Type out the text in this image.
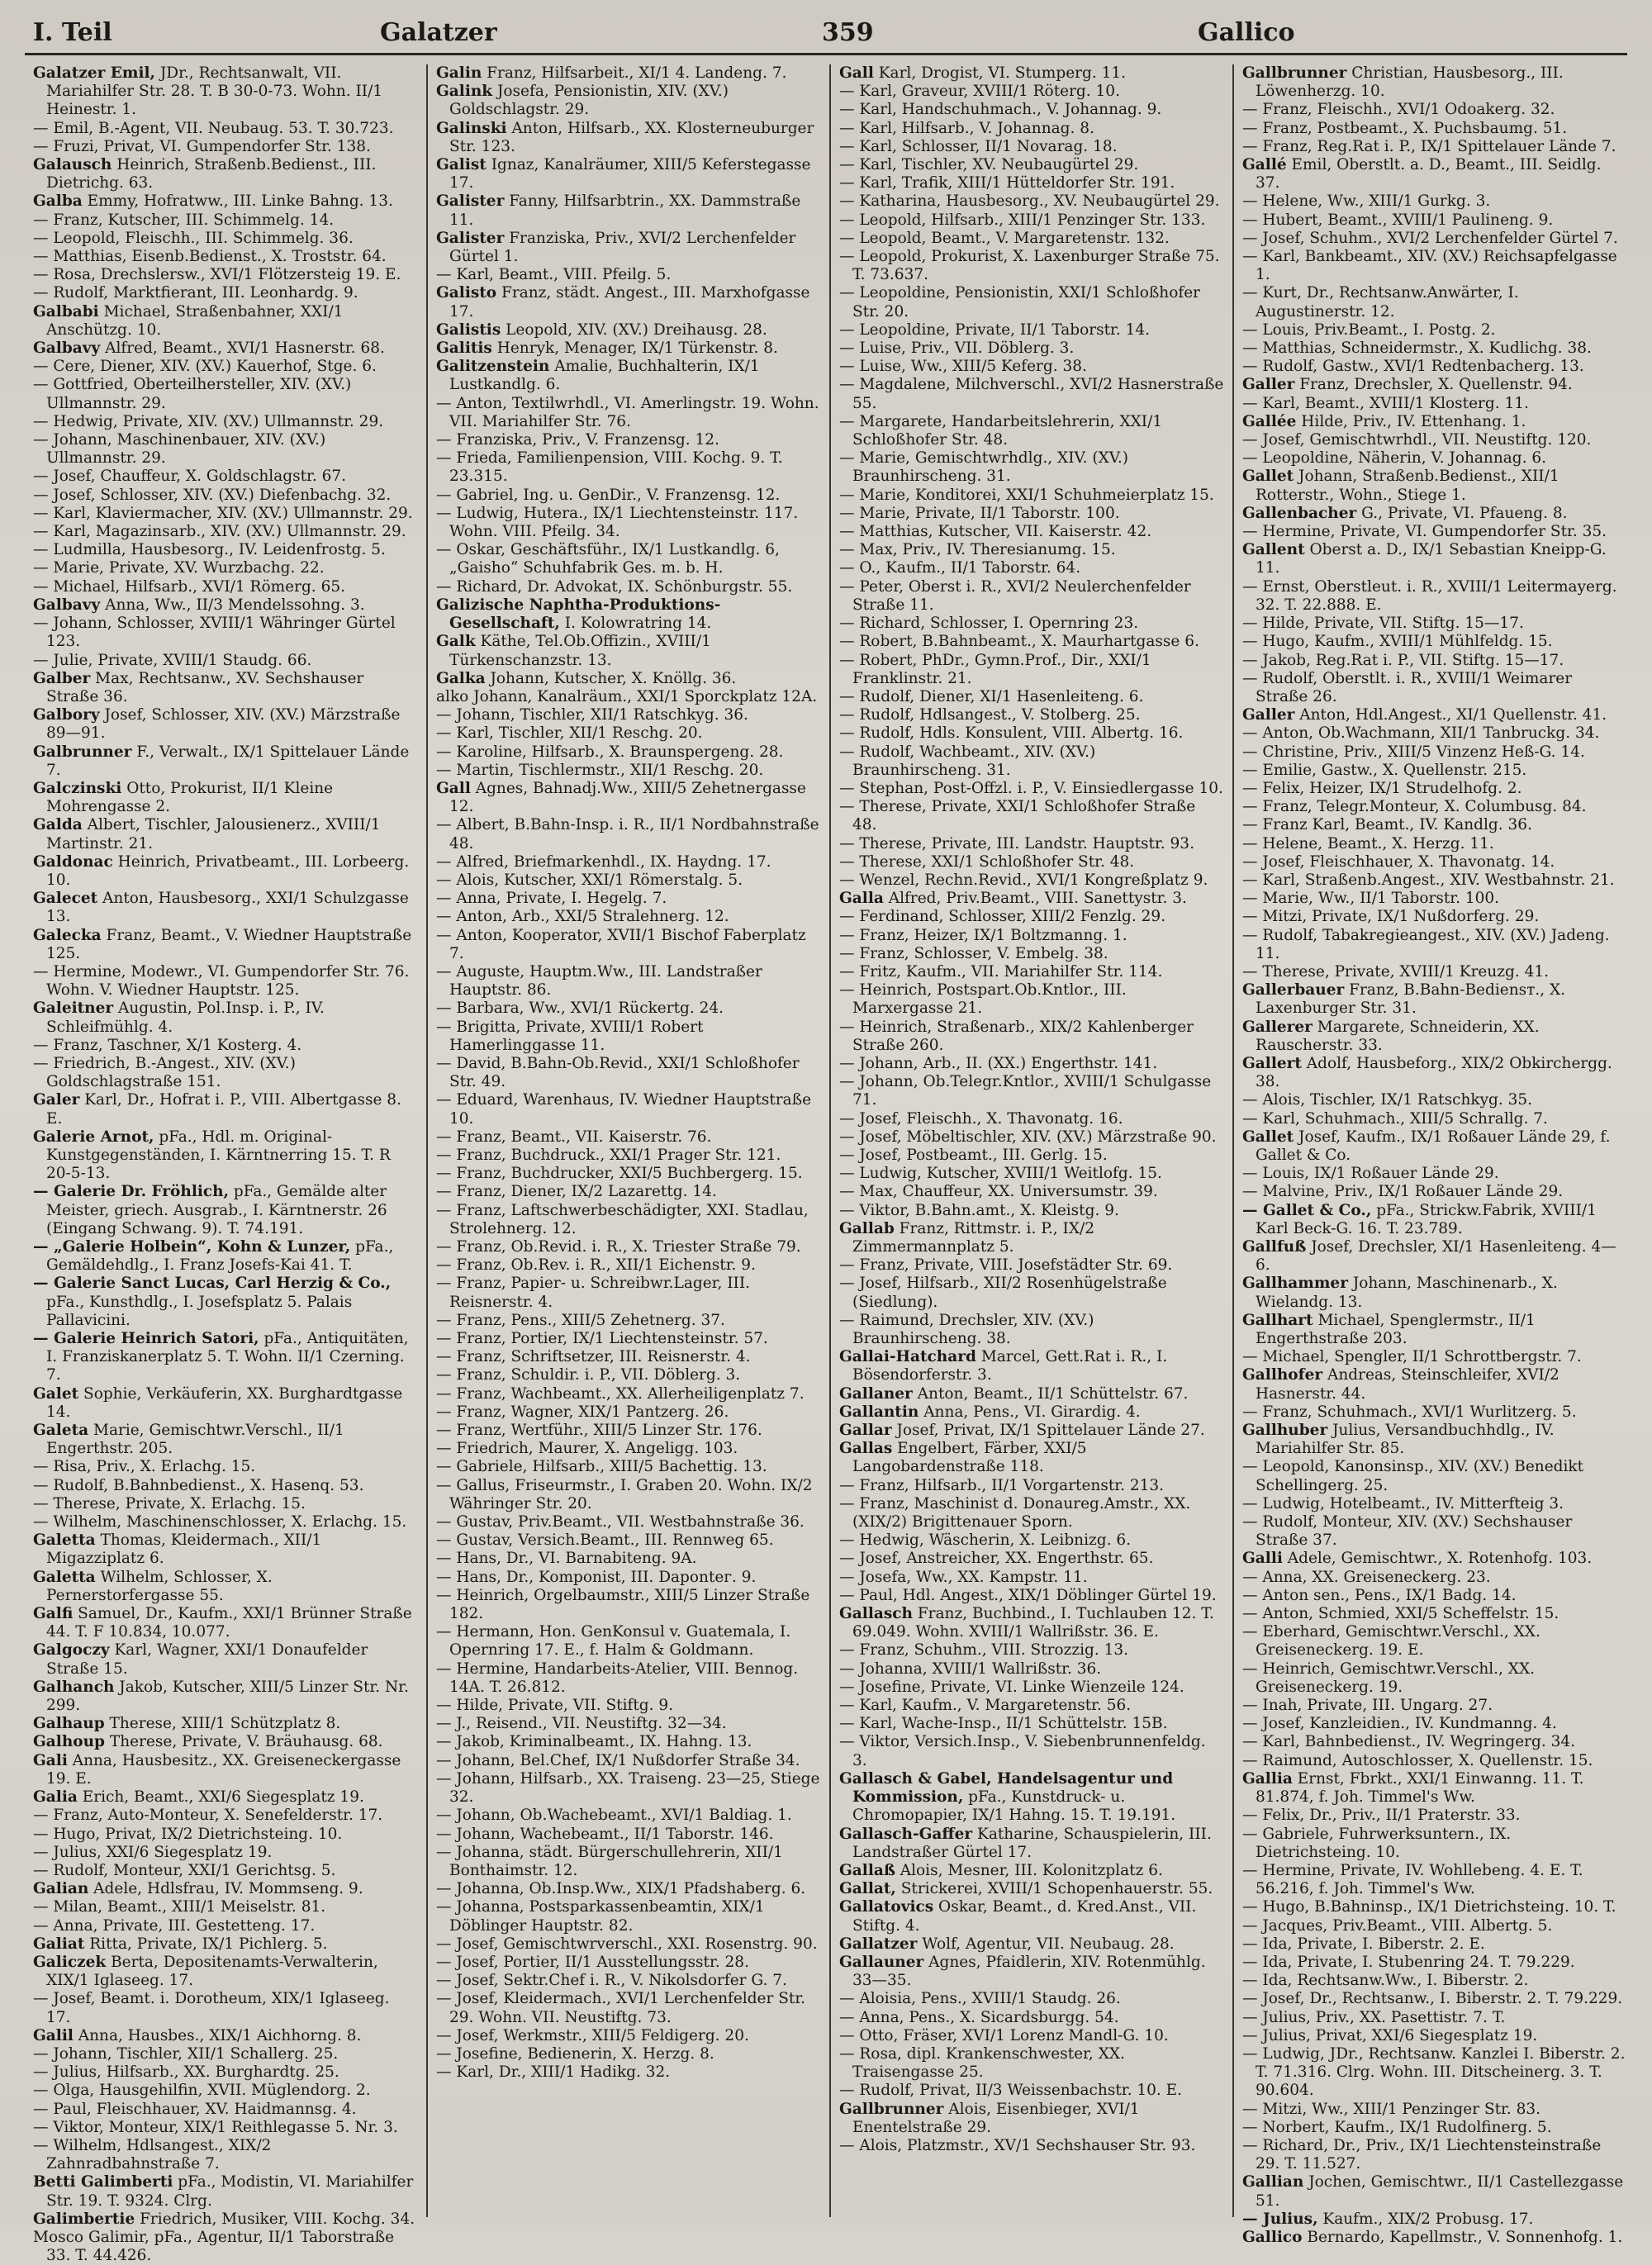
I. Teil	Galatzer	359	Gallico

Galatzer Emil, JDr., Rechtsanwalt, VII. Mariahilfer Str. 28. T. B 30-0-73. Wohn. II/1 Heinestr. 1.

— Emil, B.-Agent, VII. Neubaug. 53. T. 30.723.

— Fruzi, Privat, VI. Gumpendorfer Str. 138.

Galausch Heinrich, Straßenb.Bedienst., III. Dietrichg. 63.

Galba Emmy, Hofratww., III. Linke Bahng. 13.

— Franz, Kutscher, III. Schimmelg. 14.

— Leopold, Fleischh., III. Schimmelg. 36.

— Matthias, Eisenb.Bedienst., X. Troststr. 64.

— Rosa, Drechslersw., XVI/1 Flötzersteig 19. E.

— Rudolf, Marktfierant, III. Leonhardg. 9.

Galbabi Michael, Straßenbahner, XXI/1 Anschützg. 10.

Galbavy Alfred, Beamt., XVI/1 Hasnerstr. 68.

— Cere, Diener, XIV. (XV.) Kauerhof, Stge. 6.

— Gottfried, Oberteilhersteller, XIV. (XV.) Ullmannstr. 29.

— Hedwig, Private, XIV. (XV.) Ullmannstr. 29.

— Johann, Maschinenbauer, XIV. (XV.) Ullmannstr. 29.

— Josef, Chauffeur, X. Goldschlagstr. 67.

— Josef, Schlosser, XIV. (XV.) Diefenbachg. 32.

— Karl, Klaviermacher, XIV. (XV.) Ullmannstr. 29.

— Karl, Magazinsarb., XIV. (XV.) Ullmannstr. 29.

— Ludmilla, Hausbesorg., IV. Leidenfrostg. 5.

— Marie, Private, XV. Wurzbachg. 22.

— Michael, Hilfsarb., XVI/1 Römerg. 65.

Galbavy Anna, Ww., II/3 Mendelssohng. 3.

— Johann, Schlosser, XVIII/1 Währinger Gürtel 123.

— Julie, Private, XVIII/1 Staudg. 66.

Galber Max, Rechtsanw., XV. Sechshauser Straße 36.

Galbory Josef, Schlosser, XIV. (XV.) Märzstraße 89—91.

Galbrunner F., Verwalt., IX/1 Spittelauer Lände 7.

Galczinski Otto, Prokurist, II/1 Kleine Mohrengasse 2.

Galda Albert, Tischler, Jalousienerz., XVIII/1 Martinstr. 21.

Galdonac Heinrich, Privatbeamt., III. Lorbeerg. 10.

Galecet Anton, Hausbesorg., XXI/1 Schulzgasse 13.

Galecka Franz, Beamt., V. Wiedner Hauptstraße 125.

— Hermine, Modewr., VI. Gumpendorfer Str. 76. Wohn. V. Wiedner Hauptstr. 125.

Galeitner Augustin, Pol.Insp. i. P., IV. Schleifmühlg. 4.

— Franz, Taschner, X/1 Kosterg. 4.

— Friedrich, B.-Angest., XIV. (XV.) Goldschlagstraße 151.

Galer Karl, Dr., Hofrat i. P., VIII. Albertgasse 8. E.

Galerie Arnot, pFa., Hdl. m. Original-Kunstgegenständen, I. Kärntnerring 15. T. R 20-5-13.

— Galerie Dr. Fröhlich, pFa., Gemälde alter Meister, griech. Ausgrab., I. Kärntnerstr. 26 (Eingang Schwang. 9). T. 74.191.

— „Galerie Holbein“, Kohn & Lunzer, pFa., Gemäldehdlg., I. Franz Josefs-Kai 41. T.

— Galerie Sanct Lucas, Carl Herzig & Co., pFa., Kunsthdlg., I. Josefsplatz 5. Palais Pallavicini.

— Galerie Heinrich Satori, pFa., Antiquitäten, I. Franziskanerplatz 5. T. Wohn. II/1 Czerning. 7.

Galet Sophie, Verkäuferin, XX. Burghardtgasse 14.

Galeta Marie, Gemischtwr.Verschl., II/1 Engerthstr. 205.

— Risa, Priv., X. Erlachg. 15.

— Rudolf, B.Bahnbedienst., X. Hasenq. 53.

— Therese, Private, X. Erlachg. 15.

— Wilhelm, Maschinenschlosser, X. Erlachg. 15.

Galetta Thomas, Kleidermach., XII/1 Migazziplatz 6.

Galetta Wilhelm, Schlosser, X. Pernerstorfergasse 55.

Galfi Samuel, Dr., Kaufm., XXI/1 Brünner Straße 44. T. F 10.834, 10.077.

Galgoczy Karl, Wagner, XXI/1 Donaufelder Straße 15.

Galhanch Jakob, Kutscher, XIII/5 Linzer Str. Nr. 299.

Galhaup Therese, XIII/1 Schützplatz 8.

Galhoup Therese, Private, V. Bräuhausg. 68.

Gali Anna, Hausbesitz., XX. Greiseneckergasse 19. E.

Galia Erich, Beamt., XXI/6 Siegesplatz 19.

— Franz, Auto-Monteur, X. Senefelderstr. 17.

— Hugo, Privat, IX/2 Dietrichsteing. 10.

— Julius, XXI/6 Siegesplatz 19.

— Rudolf, Monteur, XXI/1 Gerichtsg. 5.

Galian Adele, Hdlsfrau, IV. Mommseng. 9.

— Milan, Beamt., XIII/1 Meiselstr. 81.

— Anna, Private, III. Gestetteng. 17.

Galiat Ritta, Private, IX/1 Pichlerg. 5.

Galiczek Berta, Depositenamts-Verwalterin, XIX/1 Iglaseeg. 17.

— Josef, Beamt. i. Dorotheum, XIX/1 Iglaseeg. 17.

Galil Anna, Hausbes., XIX/1 Aichhorng. 8.

— Johann, Tischler, XII/1 Schallerg. 25.

— Julius, Hilfsarb., XX. Burghardtg. 25.

— Olga, Hausgehilfin, XVII. Müglendorg. 2.

— Paul, Fleischhauer, XV. Haidmannsg. 4.

— Viktor, Monteur, XIX/1 Reithlegasse 5. Nr. 3.

— Wilhelm, Hdlsangest., XIX/2 Zahnradbahnstraße 7.

Betti Galimberti pFa., Modistin, VI. Mariahilfer Str. 19. T. 9324. Clrg.

Galimbertie Friedrich, Musiker, VIII. Kochg. 34.

Mosco Galimir, pFa., Agentur, II/1 Taborstraße 33. T. 44.426.

Galin Franz, Hilfsarbeit., XI/1 4. Landeng. 7.

Galink Josefa, Pensionistin, XIV. (XV.) Goldschlagstr. 29.

Galinski Anton, Hilfsarb., XX. Klosterneuburger Str. 123.

Galist Ignaz, Kanalräumer, XIII/5 Keferstegasse 17.

Galister Fanny, Hilfsarbtrin., XX. Dammstraße 11.

Galister Franziska, Priv., XVI/2 Lerchenfelder Gürtel 1.

— Karl, Beamt., VIII. Pfeilg. 5.

Galisto Franz, städt. Angest., III. Marxhofgasse 17.

Galistis Leopold, XIV. (XV.) Dreihausg. 28.

Galitis Henryk, Menager, IX/1 Türkenstr. 8.

Galitzenstein Amalie, Buchhalterin, IX/1 Lustkandlg. 6.

— Anton, Textilwrhdl., VI. Amerlingstr. 19. Wohn. VII. Mariahilfer Str. 76.

— Franziska, Priv., V. Franzensg. 12.

— Frieda, Familienpension, VIII. Kochg. 9. T. 23.315.

— Gabriel, Ing. u. GenDir., V. Franzensg. 12.

— Ludwig, Hutera., IX/1 Liechtensteinstr. 117. Wohn. VIII. Pfeilg. 34.

— Oskar, Geschäftsführ., IX/1 Lustkandlg. 6, „Gaisho“ Schuhfabrik Ges. m. b. H.

— Richard, Dr. Advokat, IX. Schönburgstr. 55.

Galizische Naphtha-Produktions-Gesellschaft, I. Kolowratring 14.

Galk Käthe, Tel.Ob.Offizin., XVIII/1 Türkenschanzstr. 13.

Galka Johann, Kutscher, X. Knöllg. 36.

alko Johann, Kanalräum., XXI/1 Sporckplatz 12A.

— Johann, Tischler, XII/1 Ratschkyg. 36.

— Karl, Tischler, XII/1 Reschg. 20.

— Karoline, Hilfsarb., X. Braunspergeng. 28.

— Martin, Tischlermstr., XII/1 Reschg. 20.

Gall Agnes, Bahnadj.Ww., XIII/5 Zehetnergasse 12.

— Albert, B.Bahn-Insp. i. R., II/1 Nordbahnstraße 48.

— Alfred, Briefmarkenhdl., IX. Haydng. 17.

— Alois, Kutscher, XXI/1 Römerstalg. 5.

— Anna, Private, I. Hegelg. 7.

— Anton, Arb., XXI/5 Stralehnerg. 12.

— Anton, Kooperator, XVII/1 Bischof Faberplatz 7.

— Auguste, Hauptm.Ww., III. Landstraßer Hauptstr. 86.

— Barbara, Ww., XVI/1 Rückertg. 24.

— Brigitta, Private, XVIII/1 Robert Hamerlinggasse 11.

— David, B.Bahn-Ob.Revid., XXI/1 Schloßhofer Str. 49.

— Eduard, Warenhaus, IV. Wiedner Hauptstraße 10.

— Franz, Beamt., VII. Kaiserstr. 76.

— Franz, Buchdruck., XXI/1 Prager Str. 121.

— Franz, Buchdrucker, XXI/5 Buchbergerg. 15.

— Franz, Diener, IX/2 Lazarettg. 14.

— Franz, Laftschwerbeschädigter, XXI. Stadlau, Strolehnerg. 12.

— Franz, Ob.Revid. i. R., X. Triester Straße 79.

— Franz, Ob.Rev. i. R., XII/1 Eichenstr. 9.

— Franz, Papier- u. Schreibwr.Lager, III. Reisnerstr. 4.

— Franz, Pens., XIII/5 Zehetnerg. 37.

— Franz, Portier, IX/1 Liechtensteinstr. 57.

— Franz, Schriftsetzer, III. Reisnerstr. 4.

— Franz, Schuldir. i. P., VII. Döblerg. 3.

— Franz, Wachbeamt., XX. Allerheiligenplatz 7.

— Franz, Wagner, XIX/1 Pantzerg. 26.

— Franz, Wertführ., XIII/5 Linzer Str. 176.

— Friedrich, Maurer, X. Angeligg. 103.

— Gabriele, Hilfsarb., XIII/5 Bachettig. 13.

— Gallus, Friseurmstr., I. Graben 20. Wohn. IX/2 Währinger Str. 20.

— Gustav, Priv.Beamt., VII. Westbahnstraße 36.

— Gustav, Versich.Beamt., III. Rennweg 65.

— Hans, Dr., VI. Barnabiteng. 9A.

— Hans, Dr., Komponist, III. Dapontег. 9.

— Heinrich, Orgelbaumstr., XIII/5 Linzer Straße 182.

— Hermann, Hon. GenKonsul v. Guatemala, I. Opernring 17. E., f. Halm & Goldmann.

— Hermine, Handarbeits-Atelier, VIII. Bennog. 14A. T. 26.812.

— Hilde, Private, VII. Stiftg. 9.

— J., Reisend., VII. Neustiftg. 32—34.

— Jakob, Kriminalbeamt., IX. Hahng. 13.

— Johann, Bel.Chef, IX/1 Nußdorfer Straße 34.

— Johann, Hilfsarb., XX. Traiseng. 23—25, Stiege 32.

— Johann, Ob.Wachebeamt., XVI/1 Baldiag. 1.

— Johann, Wachebeamt., II/1 Taborstr. 146.

— Johanna, städt. Bürgerschullehrerin, XII/1 Bonthaimstr. 12.

— Johanna, Ob.Insp.Ww., XIX/1 Pfadshaberg. 6.

— Johanna, Postsparkassenbeamtin, XIX/1 Döblinger Hauptstr. 82.

— Josef, Gemischtwrverschl., XXI. Rosenstrg. 90.

— Josef, Portier, II/1 Ausstellungsstr. 28.

— Josef, Sektr.Chef i. R., V. Nikolsdorfer G. 7.

— Josef, Kleidermach., XVI/1 Lerchenfelder Str. 29. Wohn. VII. Neustiftg. 73.

— Josef, Werkmstr., XIII/5 Feldigerg. 20.

— Josefine, Bedienerin, X. Herzg. 8.

— Karl, Dr., XIII/1 Hadikg. 32.

Gall Karl, Drogist, VI. Stumperg. 11.

— Karl, Graveur, XVIII/1 Röterg. 10.

— Karl, Handschuhmach., V. Johannag. 9.

— Karl, Hilfsarb., V. Johannag. 8.

— Karl, Schlosser, II/1 Novarag. 18.

— Karl, Tischler, XV. Neubaugürtel 29.

— Karl, Trafik, XIII/1 Hütteldorfer Str. 191.

— Katharina, Hausbesorg., XV. Neubaugürtel 29.

— Leopold, Hilfsarb., XIII/1 Penzinger Str. 133.

— Leopold, Beamt., V. Margaretenstr. 132.

— Leopold, Prokurist, X. Laxenburger Straße 75. T. 73.637.

— Leopoldine, Pensionistin, XXI/1 Schloßhofer Str. 20.

— Leopoldine, Private, II/1 Taborstr. 14.

— Luise, Priv., VII. Döblerg. 3.

— Luise, Ww., XIII/5 Keferg. 38.

— Magdalene, Milchverschl., XVI/2 Hasnerstraße 55.

— Margarete, Handarbeitslehrerin, XXI/1 Schloßhofer Str. 48.

— Marie, Gemischtwrhdlg., XIV. (XV.) Braunhirscheng. 31.

— Marie, Konditorei, XXI/1 Schuhmeierplatz 15.

— Marie, Private, II/1 Taborstr. 100.

— Matthias, Kutscher, VII. Kaiserstr. 42.

— Max, Priv., IV. Theresianumg. 15.

— O., Kaufm., II/1 Taborstr. 64.

— Peter, Oberst i. R., XVI/2 Neulerchenfelder Straße 11.

— Richard, Schlosser, I. Opernring 23.

— Robert, B.Bahnbeamt., X. Maurhartgasse 6.

— Robert, PhDr., Gymn.Prof., Dir., XXI/1 Franklinstr. 21.

— Rudolf, Diener, XI/1 Hasenleiteng. 6.

— Rudolf, Hdlsangest., V. Stolberg. 25.

— Rudolf, Hdls. Konsulent, VIII. Albertg. 16.

— Rudolf, Wachbeamt., XIV. (XV.) Braunhirscheng. 31.

— Stephan, Post-Offzl. i. P., V. Einsiedlergasse 10.

— Therese, Private, XXI/1 Schloßhofer Straße 48.

— Therese, Private, III. Landstr. Hauptstr. 93.

— Therese, XXI/1 Schloßhofer Str. 48.

— Wenzel, Rechn.Revid., XVI/1 Kongreßplatz 9.

Galla Alfred, Priv.Beamt., VIII. Sanettystr. 3.

— Ferdinand, Schlosser, XIII/2 Fenzlg. 29.

— Franz, Heizer, IX/1 Boltzmanng. 1.

— Franz, Schlosser, V. Embelg. 38.

— Fritz, Kaufm., VII. Mariahilfer Str. 114.

— Heinrich, Postspart.Ob.Kntlor., III. Marxergasse 21.

— Heinrich, Straßenarb., XIX/2 Kahlenberger Straße 260.

— Johann, Arb., II. (XX.) Engerthstr. 141.

— Johann, Ob.Telegr.Kntlor., XVIII/1 Schulgasse 71.

— Josef, Fleischh., X. Thavonatg. 16.

— Josef, Möbeltischler, XIV. (XV.) Märzstraße 90.

— Josef, Postbeamt., III. Gerlg. 15.

— Ludwig, Kutscher, XVIII/1 Weitlofg. 15.

— Max, Chauffeur, XX. Universumstr. 39.

— Viktor, B.Bahn.amt., X. Kleistg. 9.

Gallab Franz, Rittmstr. i. P., IX/2 Zimmermannplatz 5.

— Franz, Private, VIII. Josefstädter Str. 69.

— Josef, Hilfsarb., XII/2 Rosenhügelstraße (Siedlung).

— Raimund, Drechsler, XIV. (XV.) Braunhirscheng. 38.

Gallai-Hatchard Marcel, Gett.Rat i. R., I. Bösendorferstr. 3.

Gallaner Anton, Beamt., II/1 Schüttelstr. 67.

Gallantin Anna, Pens., VI. Girardig. 4.

Gallar Josef, Privat, IX/1 Spittelauer Lände 27.

Gallas Engelbert, Färber, XXI/5 Langobardenstraße 118.

— Franz, Hilfsarb., II/1 Vorgartenstr. 213.

— Franz, Maschinist d. Donaureg.Amstr., XX. (XIX/2) Brigittenauer Sporn.

— Hedwig, Wäscherin, X. Leibnizg. 6.

— Josef, Anstreicher, XX. Engerthstr. 65.

— Josefa, Ww., XX. Kampstr. 11.

— Paul, Hdl. Angest., XIX/1 Döblinger Gürtel 19.

Gallasch Franz, Buchbind., I. Tuchlauben 12. T. 69.049. Wohn. XVIII/1 Wallrißstr. 36. E.

— Franz, Schuhm., VIII. Strozzig. 13.

— Johanna, XVIII/1 Wallrißstr. 36.

— Josefine, Private, VI. Linke Wienzeile 124.

— Karl, Kaufm., V. Margaretenstr. 56.

— Karl, Wache-Insp., II/1 Schüttelstr. 15B.

— Viktor, Versich.Insp., V. Siebenbrunnenfeldg. 3.

Gallasch & Gabel, Handelsagentur und Kommission, pFa., Kunstdruck- u. Chromopapier, IX/1 Hahng. 15. T. 19.191.

Gallasch-Gaffer Katharine, Schauspielerin, III. Landstraßer Gürtel 17.

Gallaß Alois, Mesner, III. Kolonitzplatz 6.

Gallat, Strickerei, XVIII/1 Schopenhauerstr. 55.

Gallatovics Oskar, Beamt., d. Kred.Anst., VII. Stiftg. 4.

Gallatzer Wolf, Agentur, VII. Neubaug. 28.

Gallauner Agnes, Pfaidlerin, XIV. Rotenmühlg. 33—35.

— Aloisia, Pens., XVIII/1 Staudg. 26.

— Anna, Pens., X. Sicardsburgg. 54.

— Otto, Fräser, XVI/1 Lorenz Mandl-G. 10.

— Rosa, dipl. Krankenschwester, XX. Traisengasse 25.

— Rudolf, Privat, II/3 Weissenbachstr. 10. E.

Gallbrunner Alois, Eisenbieger, XVI/1 Enentelstraße 29.

— Alois, Platzmstr., XV/1 Sechshauser Str. 93.

Gallbrunner Christian, Hausbesorg., III. Löwenherzg. 10.

— Franz, Fleischh., XVI/1 Odoakerg. 32.

— Franz, Postbeamt., X. Puchsbaumg. 51.

— Franz, Reg.Rat i. P., IX/1 Spittelauer Lände 7.

Gallé Emil, Oberstlt. a. D., Beamt., III. Seidlg. 37.

— Helene, Ww., XIII/1 Gurkg. 3.

— Hubert, Beamt., XVIII/1 Paulineng. 9.

— Josef, Schuhm., XVI/2 Lerchenfelder Gürtel 7.

— Karl, Bankbeamt., XIV. (XV.) Reichsapfelgasse 1.

— Kurt, Dr., Rechtsanw.Anwärter, I. Augustinerstr. 12.

— Louis, Priv.Beamt., I. Postg. 2.

— Matthias, Schneidermstr., X. Kudlichg. 38.

— Rudolf, Gastw., XVI/1 Redtenbacherg. 13.

Galler Franz, Drechsler, X. Quellenstr. 94.

— Karl, Beamt., XVIII/1 Klosterg. 11.

Gallée Hilde, Priv., IV. Ettenhang. 1.

— Josef, Gemischtwrhdl., VII. Neustiftg. 120.

— Leopoldine, Näherin, V. Johannag. 6.

Gallet Johann, Straßenb.Bedienst., XII/1 Rotterstr., Wohn., Stiege 1.

Gallenbacher G., Private, VI. Pfaueng. 8.

— Hermine, Private, VI. Gumpendorfer Str. 35.

Gallent Oberst a. D., IX/1 Sebastian Kneipp-G. 11.

— Ernst, Oberstleut. i. R., XVIII/1 Leitermayerg. 32. T. 22.888. E.

— Hilde, Private, VII. Stiftg. 15—17.

— Hugo, Kaufm., XVIII/1 Mühlfeldg. 15.

— Jakob, Reg.Rat i. P., VII. Stiftg. 15—17.

— Rudolf, Oberstlt. i. R., XVIII/1 Weimarer Straße 26.

Galler Anton, Hdl.Angest., XI/1 Quellenstr. 41.

— Anton, Ob.Wachmann, XII/1 Tanbruckg. 34.

— Christine, Priv., XIII/5 Vinzenz Heß-G. 14.

— Emilie, Gastw., X. Quellenstr. 215.

— Felix, Heizer, IX/1 Strudelhofg. 2.

— Franz, Telegr.Monteur, X. Columbusg. 84.

— Franz Karl, Beamt., IV. Kandlg. 36.

— Helene, Beamt., X. Herzg. 11.

— Josef, Fleischhauer, X. Thavonatg. 14.

— Karl, Straßenb.Angest., XIV. Westbahnstr. 21.

— Marie, Ww., II/1 Taborstr. 100.

— Mitzi, Private, IX/1 Nußdorferg. 29.

— Rudolf, Tabakregieangest., XIV. (XV.) Jadeng. 11.

— Therese, Private, XVIII/1 Kreuzg. 41.

Gallerbauer Franz, B.Bahn-Bediensт., X. Laxenburger Str. 31.

Gallerer Margarete, Schneiderin, XX. Rauscherstr. 33.

Gallert Adolf, Hausbeforg., XIX/2 Obkirchergg. 38.

— Alois, Tischler, IX/1 Ratschkyg. 35.

— Karl, Schuhmach., XIII/5 Schrallg. 7.

Gallet Josef, Kaufm., IX/1 Roßauer Lände 29, f. Gallet & Co.

— Louis, IX/1 Roßauer Lände 29.

— Malvine, Priv., IX/1 Roßauer Lände 29.

— Gallet & Co., pFa., Strickw.Fabrik, XVIII/1 Karl Beck-G. 16. T. 23.789.

Gallfuß Josef, Drechsler, XI/1 Hasenleiteng. 4—6.

Gallhammer Johann, Maschinenarb., X. Wielandg. 13.

Gallhart Michael, Spenglermstr., II/1 Engerthstraße 203.

— Michael, Spengler, II/1 Schrottbergstr. 7.

Gallhofer Andreas, Steinschleifer, XVI/2 Hasnerstr. 44.

— Franz, Schuhmach., XVI/1 Wurlitzerg. 5.

Gallhuber Julius, Versandbuchhdlg., IV. Mariahilfer Str. 85.

— Leopold, Kanonsinsp., XIV. (XV.) Benedikt Schellingerg. 25.

— Ludwig, Hotelbeamt., IV. Mitterfteig 3.

— Rudolf, Monteur, XIV. (XV.) Sechshauser Straße 37.

Galli Adele, Gemischtwr., X. Rotenhofg. 103.

— Anna, XX. Greiseneckerg. 23.

— Anton sen., Pens., IX/1 Badg. 14.

— Anton, Schmied, XXI/5 Scheffelstr. 15.

— Eberhard, Gemischtwr.Verschl., XX. Greiseneckerg. 19. E.

— Heinrich, Gemischtwr.Verschl., XX. Greiseneckerg. 19.

— Inah, Private, III. Ungarg. 27.

— Josef, Kanzleidien., IV. Kundmanng. 4.

— Karl, Bahnbedienst., IV. Wegringerg. 34.

— Raimund, Autoschlosser, X. Quellenstr. 15.

Gallia Ernst, Fbrkt., XXI/1 Einwanng. 11. T. 81.874, f. Joh. Timmel's Ww.

— Felix, Dr., Priv., II/1 Praterstr. 33.

— Gabriele, Fuhrwerksuntern., IX. Dietrichsteing. 10.

— Hermine, Private, IV. Wohllebeng. 4. E. T. 56.216, f. Joh. Timmel's Ww.

— Hugo, B.Bahninsp., IX/1 Dietrichsteing. 10. T.

— Jacques, Priv.Beamt., VIII. Albertg. 5.

— Ida, Private, I. Biberstr. 2. E.

— Ida, Private, I. Stubenring 24. T. 79.229.

— Ida, Rechtsanw.Ww., I. Biberstr. 2.

— Josef, Dr., Rechtsanw., I. Biberstr. 2. T. 79.229.

— Julius, Priv., XX. Pasettistr. 7. T.

— Julius, Privat, XXI/6 Siegesplatz 19.

— Ludwig, JDr., Rechtsanw. Kanzlei I. Biberstr. 2. T. 71.316. Clrg. Wohn. III. Ditscheinerg. 3. T. 90.604.

— Mitzi, Ww., XIII/1 Penzinger Str. 83.

— Norbert, Kaufm., IX/1 Rudolfinerg. 5.

— Richard, Dr., Priv., IX/1 Liechtensteinstraße 29. T. 11.527.

Gallian Jochen, Gemischtwr., II/1 Castellezgasse 51.

— Julius, Kaufm., XIX/2 Probusg. 17.

Gallico Bernardo, Kapellmstr., V. Sonnenhofg. 1.
